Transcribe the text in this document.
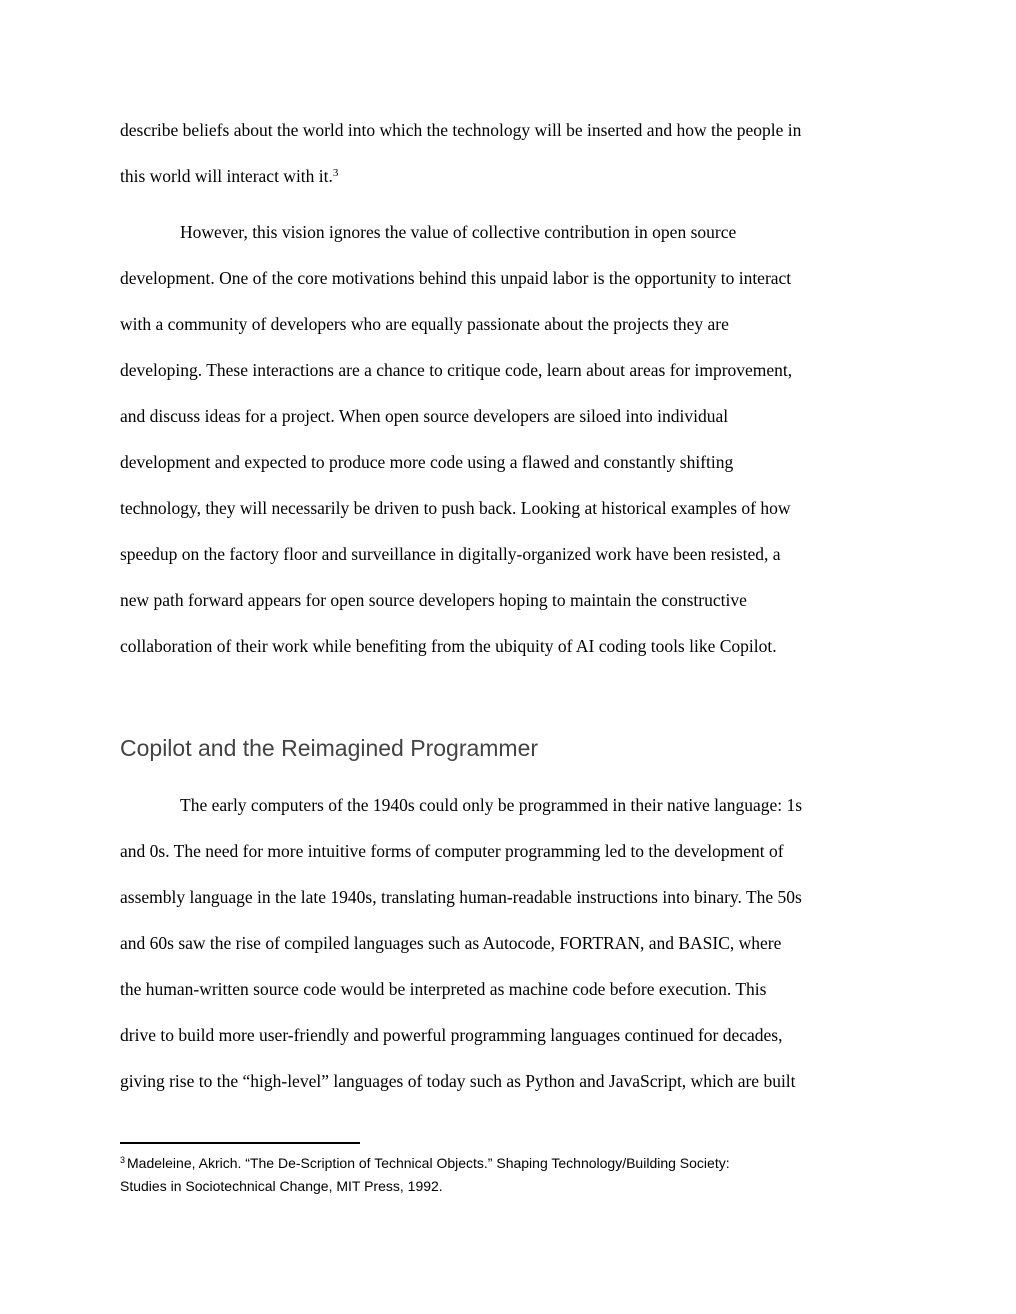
describe beliefs about the world into which the technology will be inserted and how the people in
this world will interact with it.$^3$
However, this vision ignores the value of collective contribution in open source
development. One of the core motivations behind this unpaid labor is the opportunity to interact
with a community of developers who are equally passionate about the projects they are
developing. These interactions are a chance to critique code, learn about areas for improvement,
and discuss ideas for a project. When open source developers are siloed into individual
development and expected to produce more code using a flawed and constantly shifting
technology, they will necessarily be driven to push back. Looking at historical examples of how
speedup on the factory floor and surveillance in digitally-organized work have been resisted, a
new path forward appears for open source developers hoping to maintain the constructive
collaboration of their work while benefiting from the ubiquity of AI coding tools like Copilot.
Copilot and the Reimagined Programmer
The early computers of the 1940s could only be programmed in their native language: 1s
and 0s. The need for more intuitive forms of computer programming led to the development of
assembly language in the late 1940s, translating human-readable instructions into binary. The 50s
and 60s saw the rise of compiled languages such as Autocode, FORTRAN, and BASIC, where
the human-written source code would be interpreted as machine code before execution. This
drive to build more user-friendly and powerful programming languages continued for decades,
giving rise to the “high-level” languages of today such as Python and JavaScript, which are built
$^3$ Madeleine, Akrich. “The De-Scription of Technical Objects.” Shaping Technology/Building Society:
Studies in Sociotechnical Change, MIT Press, 1992.
